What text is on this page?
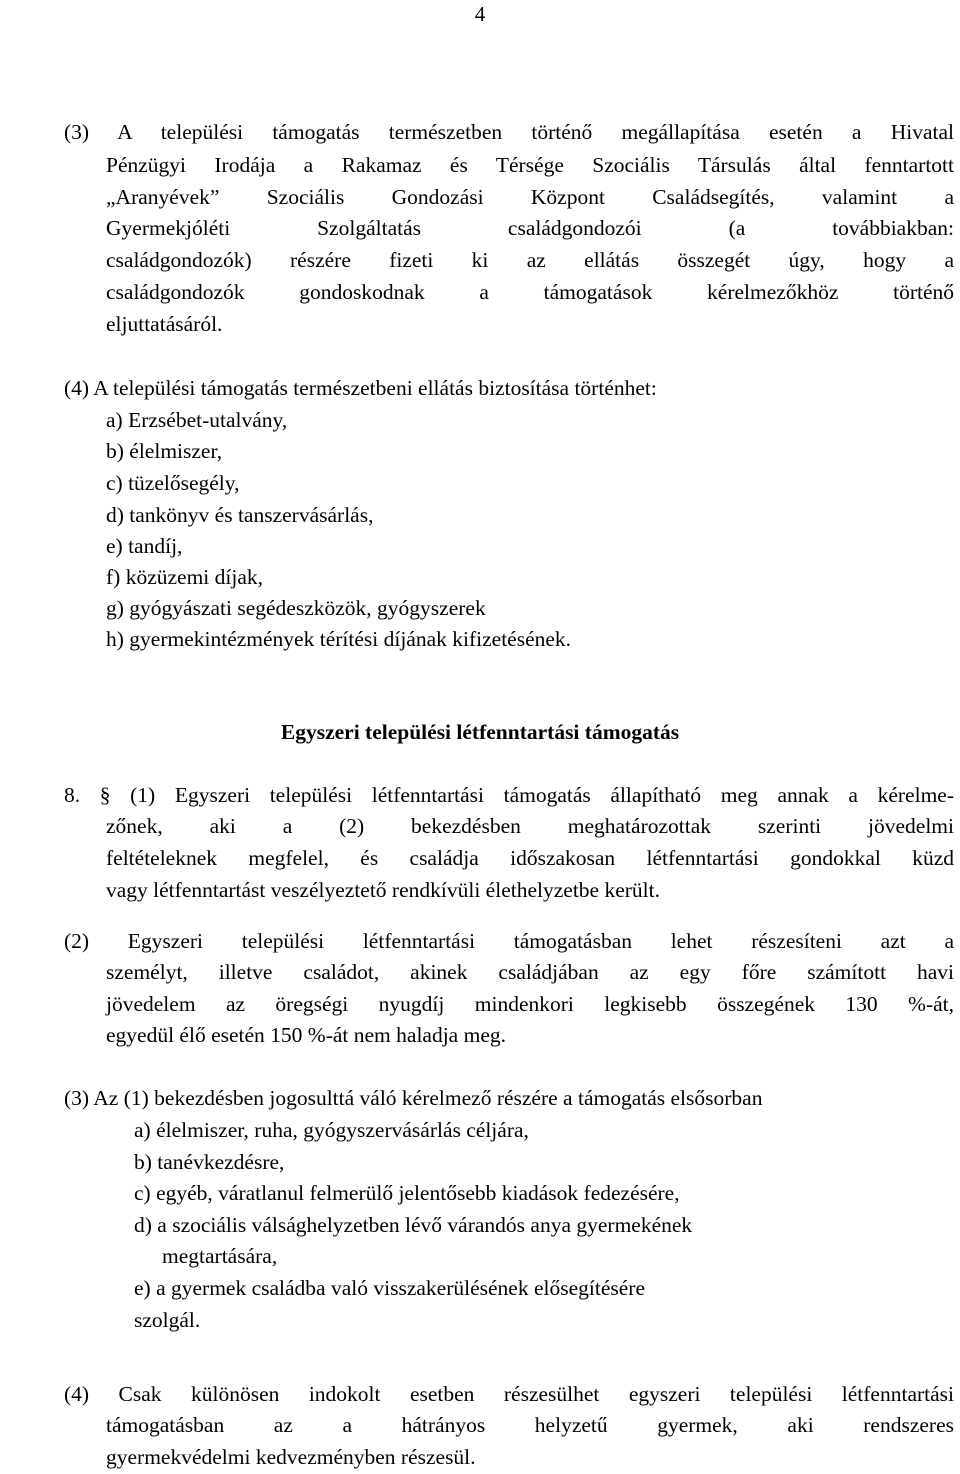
4
(3) A települési támogatás természetben történő megállapítása esetén a Hivatal
Pénzügyi Irodája a Rakamaz és Térsége Szociális Társulás által fenntartott
„Aranyévek” Szociális Gondozási Központ Családsegítés, valamint a
Gyermekjóléti Szolgáltatás családgondozói (a továbbiakban:
családgondozók) részére fizeti ki az ellátás összegét úgy, hogy a
családgondozók gondoskodnak a támogatások kérelmezőkhöz történő
eljuttatásáról.
(4) A települési támogatás természetbeni ellátás biztosítása történhet:
a) Erzsébet-utalvány,
b) élelmiszer,
c) tüzelősegély,
d) tankönyv és tanszervásárlás,
e) tandíj,
f) közüzemi díjak,
g) gyógyászati segédeszközök, gyógyszerek
h) gyermekintézmények térítési díjának kifizetésének.
Egyszeri települési létfenntartási támogatás
8. § (1) Egyszeri települési létfenntartási támogatás állapítható meg annak a kérelme-
zőnek, aki a (2) bekezdésben meghatározottak szerinti jövedelmi
feltételeknek megfelel, és családja időszakosan létfenntartási gondokkal küzd
vagy létfenntartást veszélyeztető rendkívüli élethelyzetbe került.
(2) Egyszeri települési létfenntartási támogatásban lehet részesíteni azt a
személyt, illetve családot, akinek családjában az egy főre számított havi
jövedelem az öregségi nyugdíj mindenkori legkisebb összegének 130 %-át,
egyedül élő esetén 150 %-át nem haladja meg.
(3) Az (1) bekezdésben jogosulttá váló kérelmező részére a támogatás elsősorban
a) élelmiszer, ruha, gyógyszervásárlás céljára,
b) tanévkezdésre,
c) egyéb, váratlanul felmerülő jelentősebb kiadások fedezésére,
d) a szociális válsághelyzetben lévő várandós anya gyermekének
megtartására,
e) a gyermek családba való visszakerülésének elősegítésére
szolgál.
(4) Csak különösen indokolt esetben részesülhet egyszeri települési létfenntartási
támogatásban az a hátrányos helyzetű gyermek, aki rendszeres
gyermekvédelmi kedvezményben részesül.
